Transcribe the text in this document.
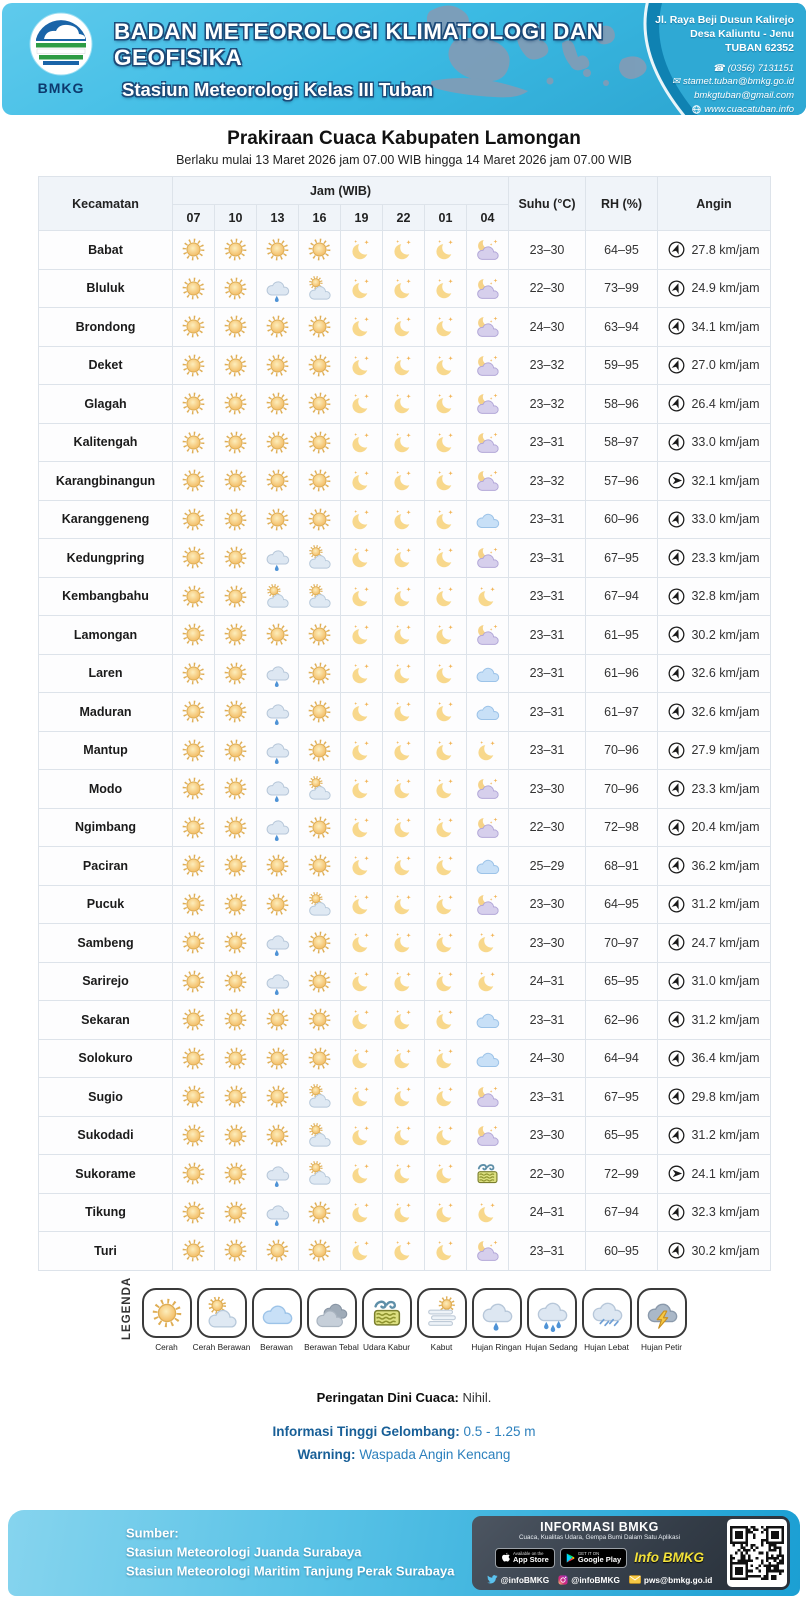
BMKG
BADAN METEOROLOGI KLIMATOLOGI DAN GEOFISIKA
Stasiun Meteorologi Kelas III Tuban
Jl. Raya Beji Dusun Kalirejo
Desa Kaliuntu - Jenu
TUBAN 62352
☎ (0356) 7131151
✉ stamet.tuban@bmkg.go.id
bmkgtuban@gmail.com
www.cuacatuban.info
Prakiraan Cuaca Kabupaten Lamongan
Berlaku mulai 13 Maret 2026 jam 07.00 WIB hingga 14 Maret 2026 jam 07.00 WIB
Kecamatan	Jam (WIB)								Suhu (°C)	RH (%)	Angin
	07	10	13	16	19	22	01	04			
Babat									23–30	64–95	27.8 km/jam

Bluluk									22–30	73–99	24.9 km/jam

Brondong									24–30	63–94	34.1 km/jam

Deket									23–32	59–95	27.0 km/jam

Glagah									23–32	58–96	26.4 km/jam

Kalitengah									23–31	58–97	33.0 km/jam

Karangbinangun									23–32	57–96	32.1 km/jam

Karanggeneng									23–31	60–96	33.0 km/jam

Kedungpring									23–31	67–95	23.3 km/jam

Kembangbahu									23–31	67–94	32.8 km/jam

Lamongan									23–31	61–95	30.2 km/jam

Laren									23–31	61–96	32.6 km/jam

Maduran									23–31	61–97	32.6 km/jam

Mantup									23–31	70–96	27.9 km/jam

Modo									23–30	70–96	23.3 km/jam

Ngimbang									22–30	72–98	20.4 km/jam

Paciran									25–29	68–91	36.2 km/jam

Pucuk									23–30	64–95	31.2 km/jam

Sambeng									23–30	70–97	24.7 km/jam

Sarirejo									24–31	65–95	31.0 km/jam

Sekaran									23–31	62–96	31.2 km/jam

Solokuro									24–30	64–94	36.4 km/jam

Sugio									23–31	67–95	29.8 km/jam

Sukodadi									23–30	65–95	31.2 km/jam

Sukorame									22–30	72–99	24.1 km/jam

Tikung									24–31	67–94	32.3 km/jam

Turi									23–31	60–95	30.2 km/jam
LEGENDA
Cerah Cerah Berawan Berawan Berawan Tebal Udara Kabur Kabut Hujan Ringan Hujan Sedang Hujan Lebat Hujan Petir
Peringatan Dini Cuaca: Nihil.
Informasi Tinggi Gelombang: 0.5 - 1.25 m
Warning: Waspada Angin Kencang
Sumber:
Stasiun Meteorologi Juanda Surabaya
Stasiun Meteorologi Maritim Tanjung Perak Surabaya
INFORMASI BMKG
Cuaca, Kualitas Udara, Gempa Bumi Dalam Satu Aplikasi
Available on the
App Store
GET IT ON
Google Play Info BMKG
@infoBMKG	@infoBMKG	pws@bmkg.go.id
